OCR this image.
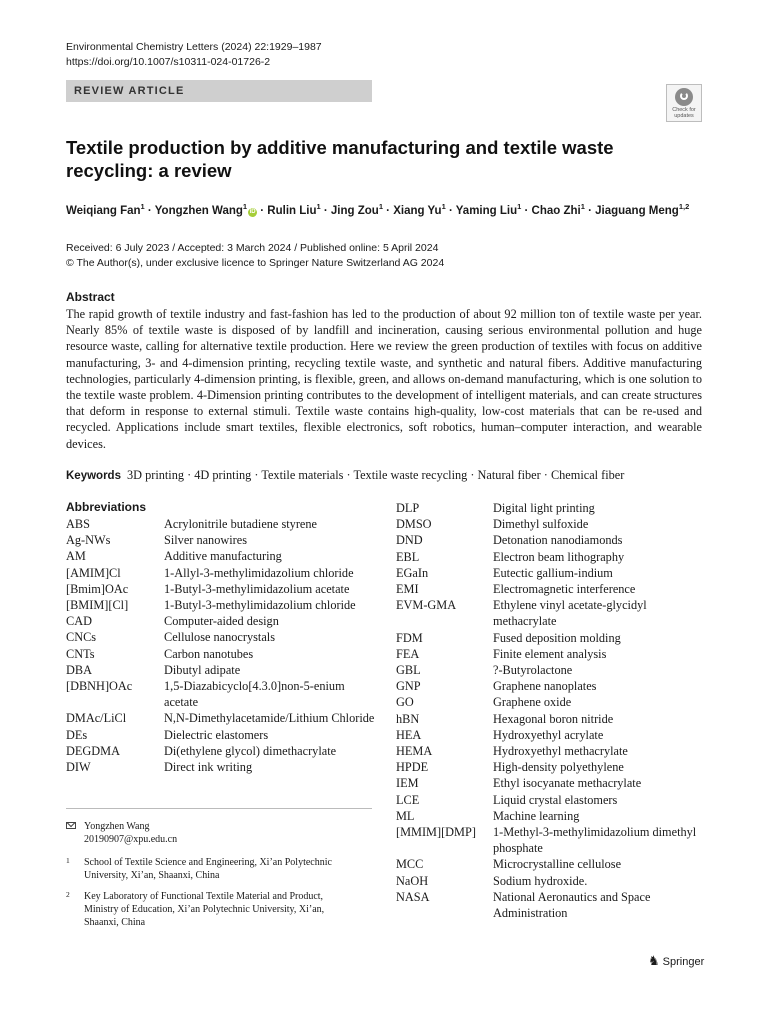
Environmental Chemistry Letters (2024) 22:1929–1987
https://doi.org/10.1007/s10311-024-01726-2
REVIEW ARTICLE
Check for
updates
Textile production by additive manufacturing and textile waste recycling: a review
Weiqiang Fan$^1$ · Yongzhen Wang$^1$iD · Rulin Liu$^1$ · Jing Zou$^1$ · Xiang $Yu^1 \cdot Yaming$ Liu$^1$ · Chao Zhi$^1$ · Jiaguang Meng$^{1,2}$
Received: 6 July 2023 / Accepted: 3 March 2024 / Published online: 5 April 2024
© The Author(s), under exclusive licence to Springer Nature Switzerland AG 2024
Abstract
The rapid growth of textile industry and fast-fashion has led to the production of about 92 million ton of textile waste per year. Nearly 85% of textile waste is disposed of by landfill and incineration, causing serious environmental pollution and huge resource waste, calling for alternative textile production. Here we review the green production of textiles with focus on additive manufacturing, 3- and 4-dimension printing, recycling textile waste, and synthetic and natural fibers. Additive manufacturing technologies, particularly 4-dimension printing, is flexible, green, and allows on-demand manufacturing, which is one solution to the textile waste problem. 4-Dimension printing contributes to the development of intelligent materials, and can create structures that deform in response to external stimuli. Textile waste contains high-quality, low-cost materials that can be re-used and recycled. Applications include smart textiles, flexible electronics, soft robotics, human–computer interaction, and wearable devices.
Keywords 3D printing · 4D printing · Textile materials · Textile waste recycling · Natural fiber · Chemical fiber
Abbreviations
ABS	Acrylonitrile butadiene styrene
Ag-NWs	Silver nanowires
AM	Additive manufacturing
[AMIM]Cl	1-Allyl-3-methylimidazolium chloride
[Bmim]OAc	1-Butyl-3-methylimidazolium acetate
[BMIM][Cl]	1-Butyl-3-methylimidazolium chloride
CAD	Computer-aided design
CNCs	Cellulose nanocrystals
CNTs	Carbon nanotubes
DBA	Dibutyl adipate
[DBNH]OAc	1,5-Diazabicyclo[4.3.0]non-5-enium acetate
DMAc/LiCl	N,N-Dimethylacetamide/Lithium Chloride
DEs	Dielectric elastomers
DEGDMA	Di(ethylene glycol) dimethacrylate
DIW	Direct ink writing
DLP	Digital light printing
DMSO	Dimethyl sulfoxide
DND	Detonation nanodiamonds
EBL	Electron beam lithography
EGaIn	Eutectic gallium-indium
EMI	Electromagnetic interference
EVM-GMA	Ethylene vinyl acetate-glycidyl methacrylate
FDM	Fused deposition molding
FEA	Finite element analysis
GBL	?-Butyrolactone
GNP	Graphene nanoplates
GO	Graphene oxide
hBN	Hexagonal boron nitride
HEA	Hydroxyethyl acrylate
HEMA	Hydroxyethyl methacrylate
HPDE	High-density polyethylene
IEM	Ethyl isocyanate methacrylate
LCE	Liquid crystal elastomers
ML	Machine learning
[MMIM][DMP]	1-Methyl-3-methylimidazolium dimethyl phosphate
MCC	Microcrystalline cellulose
NaOH	Sodium hydroxide.
NASA	National Aeronautics and Space Administration
Yongzhen Wang
20190907@xpu.edu.cn
1 School of Textile Science and Engineering, Xi’an Polytechnic University, Xi’an, Shaanxi, China
2 Key Laboratory of Functional Textile Material and Product, Ministry of Education, Xi’an Polytechnic University, Xi’an, Shaanxi, China
♞ Springer
